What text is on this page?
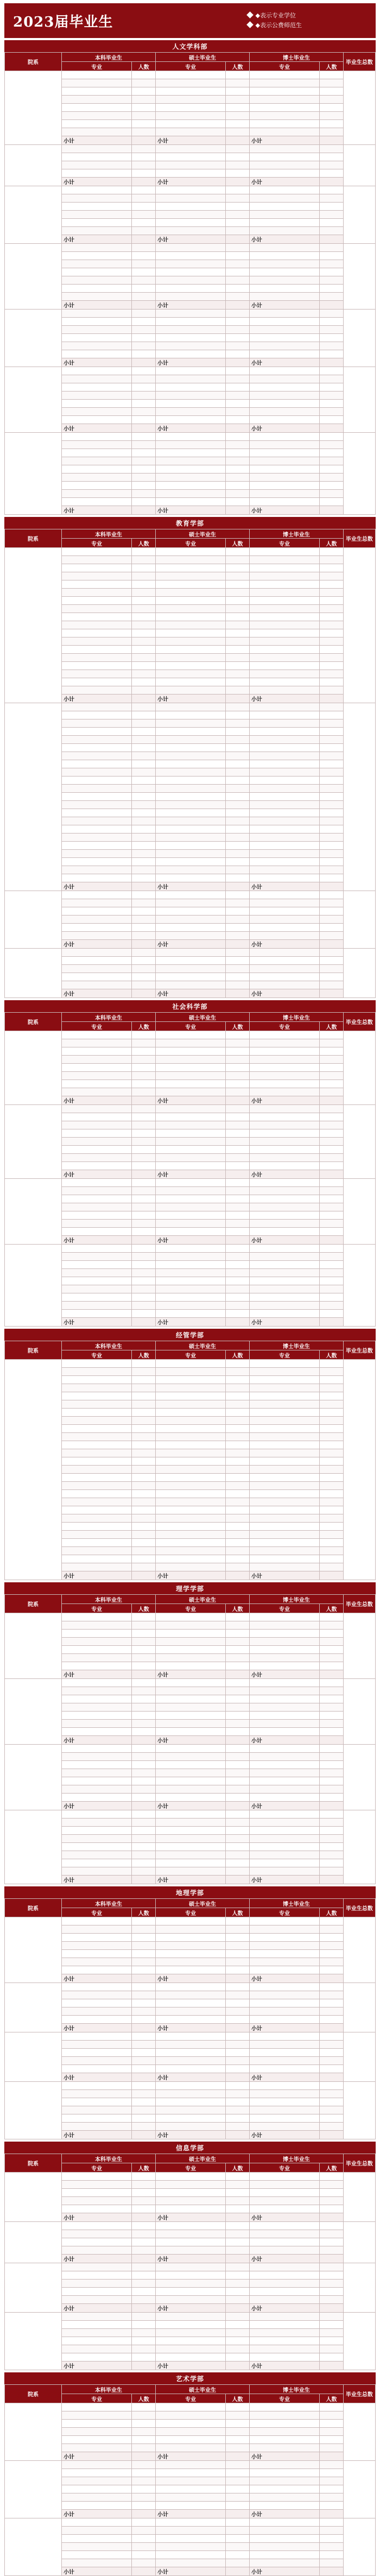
2023届毕业生	◆表示专业学位
◆表示公费师范生
人文学科部
院系	本科毕业生		硕士毕业生		博士毕业生		毕业生总数
	专业	人数	专业	人数	专业	人数	

	小计		小计		小计		

	小计		小计		小计		

	小计		小计		小计		

	小计		小计		小计		

	小计		小计		小计		

	小计		小计		小计		

	小计		小计		小计		
教育学部
院系	本科毕业生		硕士毕业生		博士毕业生		毕业生总数
	专业	人数	专业	人数	专业	人数	

	小计		小计		小计		

	小计		小计		小计		

	小计		小计		小计		

	小计		小计		小计		
社会科学部
院系	本科毕业生		硕士毕业生		博士毕业生		毕业生总数
	专业	人数	专业	人数	专业	人数	

	小计		小计		小计		

	小计		小计		小计		

	小计		小计		小计		

	小计		小计		小计		
经管学部
院系	本科毕业生		硕士毕业生		博士毕业生		毕业生总数
	专业	人数	专业	人数	专业	人数	

	小计		小计		小计		
理学学部
院系	本科毕业生		硕士毕业生		博士毕业生		毕业生总数
	专业	人数	专业	人数	专业	人数	

	小计		小计		小计		

	小计		小计		小计		

	小计		小计		小计		

	小计		小计		小计		
地理学部
院系	本科毕业生		硕士毕业生		博士毕业生		毕业生总数
	专业	人数	专业	人数	专业	人数	

	小计		小计		小计		

	小计		小计		小计		

	小计		小计		小计		

	小计		小计		小计		
信息学部
院系	本科毕业生		硕士毕业生		博士毕业生		毕业生总数
	专业	人数	专业	人数	专业	人数	

	小计		小计		小计		

	小计		小计		小计		

	小计		小计		小计		

	小计		小计		小计		
艺术学部
院系	本科毕业生		硕士毕业生		博士毕业生		毕业生总数
	专业	人数	专业	人数	专业	人数	

	小计		小计		小计		

	小计		小计		小计		

	小计		小计		小计		
